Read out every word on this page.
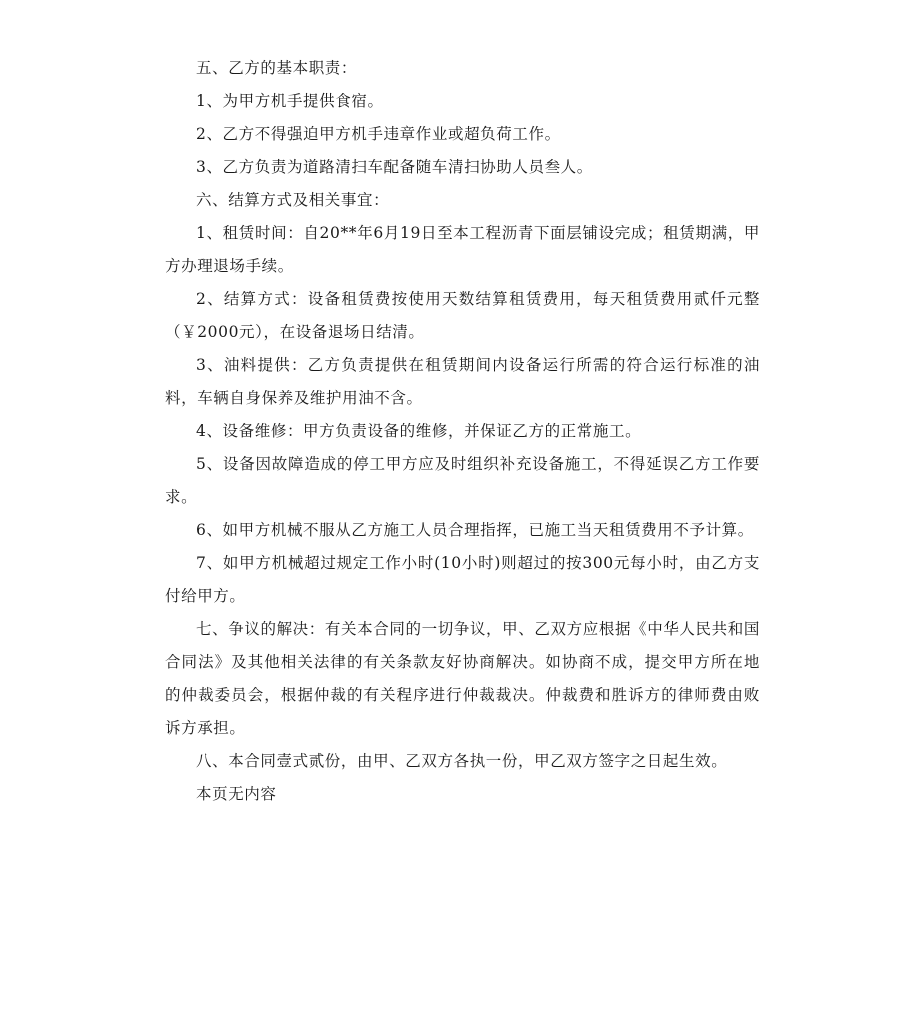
五、乙方的基本职责：

1、为甲方机手提供食宿。

2、乙方不得强迫甲方机手违章作业或超负荷工作。

3、乙方负责为道路清扫车配备随车清扫协助人员叁人。

六、结算方式及相关事宜：

1、租赁时间：自20**年6月19日至本工程沥青下面层铺设完成；租赁期满，甲方办理退场手续。

2、结算方式：设备租赁费按使用天数结算租赁费用，每天租赁费用贰仟元整（￥2000元），在设备退场日结清。

3、油料提供：乙方负责提供在租赁期间内设备运行所需的符合运行标准的油料，车辆自身保养及维护用油不含。

4、设备维修：甲方负责设备的维修，并保证乙方的正常施工。

5、设备因故障造成的停工甲方应及时组织补充设备施工，不得延误乙方工作要求。

6、如甲方机械不服从乙方施工人员合理指挥，已施工当天租赁费用不予计算。

7、如甲方机械超过规定工作小时(10小时)则超过的按300元每小时，由乙方支付给甲方。

七、争议的解决：有关本合同的一切争议，甲、乙双方应根据《中华人民共和国合同法》及其他相关法律的有关条款友好协商解决。如协商不成，提交甲方所在地的仲裁委员会，根据仲裁的有关程序进行仲裁裁决。仲裁费和胜诉方的律师费由败诉方承担。

八、本合同壹式贰份，由甲、乙双方各执一份，甲乙双方签字之日起生效。

本页无内容
